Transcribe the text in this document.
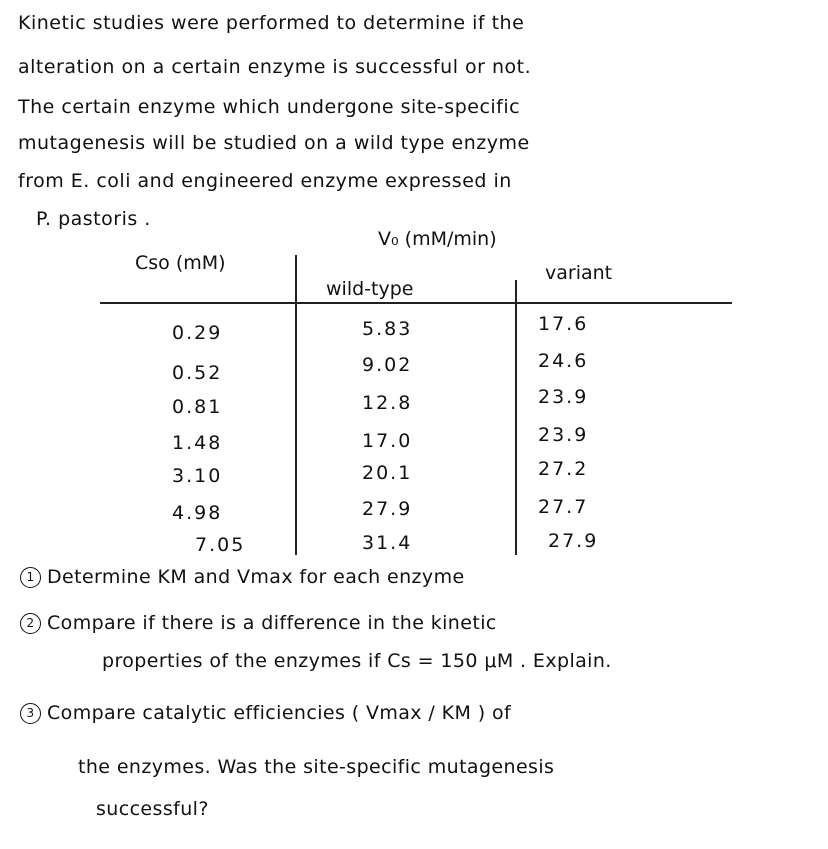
Kinetic studies were performed to determine if the
alteration on a certain enzyme is successful or not.
The certain enzyme which undergone site-specific
mutagenesis will be studied on a wild type enzyme
from E. coli and engineered enzyme expressed in
P. pastoris .
Cso (mM)
V₀ (mM/min)
wild-type
variant
0.29	5.83	17.6
0.52	9.02	24.6
0.81	12.8	23.9
1.48	17.0	23.9
3.10	20.1	27.2
4.98	27.9	27.7
7.05	31.4	27.9
1 Determine KM and Vmax for each enzyme
2 Compare if there is a difference in the kinetic
properties of the enzymes if Cs = 150 μM . Explain.
3 Compare catalytic efficiencies ( Vmax / KM ) of
the enzymes. Was the site-specific mutagenesis
successful?
